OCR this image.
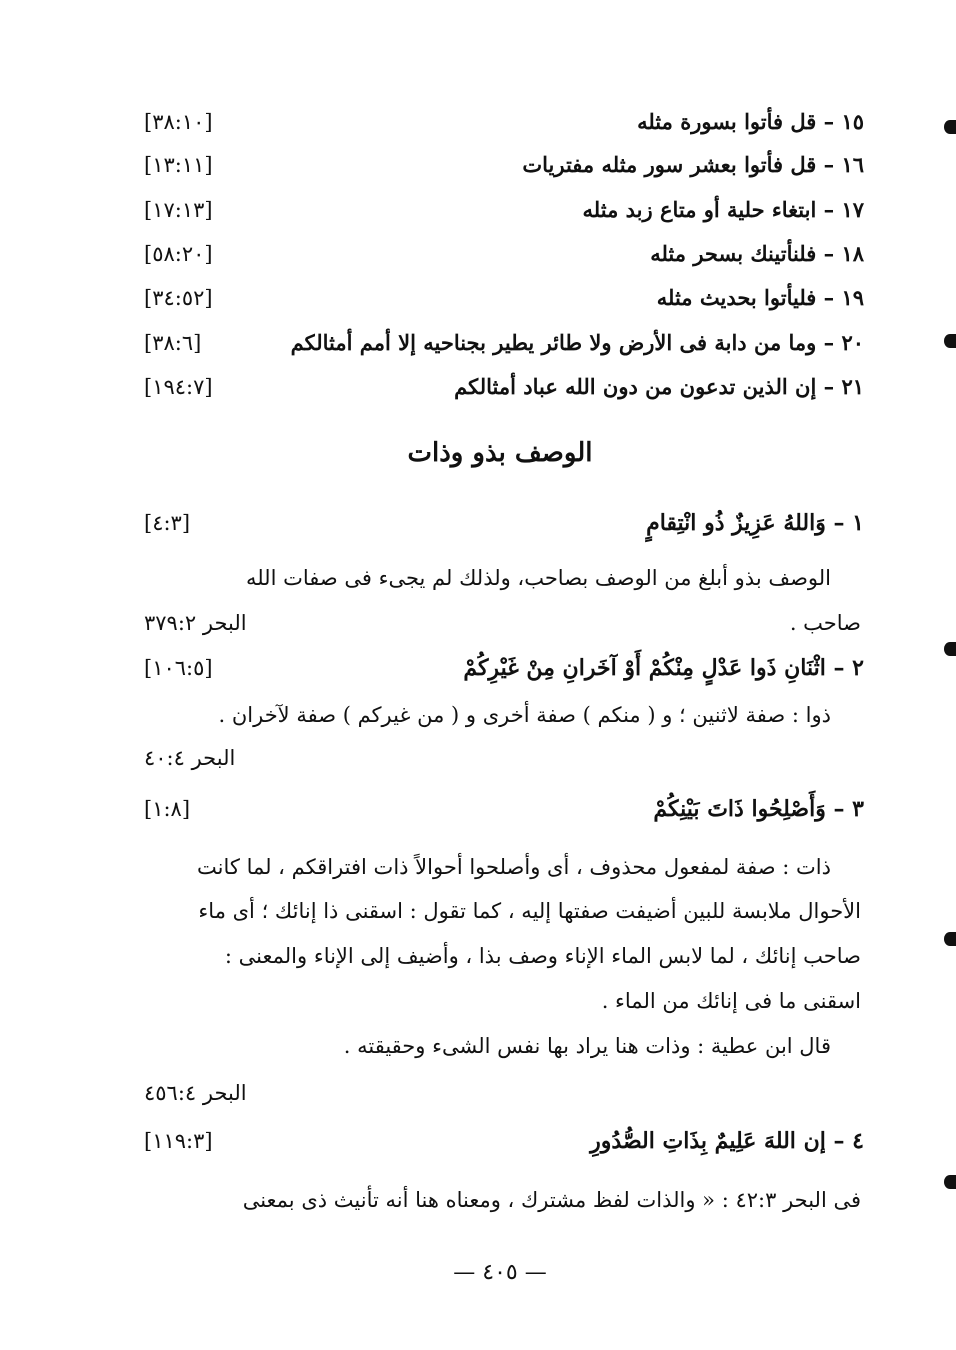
١٥ – قل فأتوا بسورة مثله
[٣٨:١٠]
١٦ – قل فأتوا بعشر سور مثله مفتريات
[١٣:١١]
١٧ – ابتغاء حلية أو متاع زبد مثله
[١٧:١٣]
١٨ – فلنأتينك بسحر مثله
[٥٨:٢٠]
١٩ – فليأتوا بحديث مثله
[٣٤:٥٢]
٢٠ – وما من دابة فى الأرض ولا طائر يطير بجناحيه إلا أمم أمثالكم
[٣٨:٦]
٢١ – إن الذين تدعون من دون الله عباد أمثالكم
[١٩٤:٧]
الوصف بذو وذات
١ – وَاللهُ عَزِيزٌ ذُو انْتِقامٍ
[٤:٣]
الوصف بذو أبلغ من الوصف بصاحب، ولذلك لم يجىء فى صفات الله
صاحب .
البحر ٣٧٩:٢
٢ – اثْنَانِ ذَوا عَدْلٍ مِنْكُمْ أَوْ آخَرانِ مِنْ غَيْرِكُمْ
[١٠٦:٥]
ذوا : صفة لاثنين ؛ و ( منكم ) صفة أخرى و ( من غيركم ) صفة لآخران .
البحر ٤٠:٤
٣ – وَأَصْلِحُوا ذَاتَ بَيْنِكُمْ
[١:٨]
ذات : صفة لمفعول محذوف ، أى وأصلحوا أحوالاً ذات افتراقكم ، لما كانت
الأحوال ملابسة للبين أضيفت صفتها إليه ، كما تقول : اسقنى ذا إنائك ؛ أى ماء
صاحب إنائك ، لما لابس الماء الإناء وصف بذا ، وأضيف إلى الإناء والمعنى :
اسقنى ما فى إنائك من الماء .
قال ابن عطية : وذات هنا يراد بها نفس الشىء وحقيقته .
البحر ٤٥٦:٤
٤ – إن اللهَ عَلِيمٌ بِذَاتِ الصُّدُورِ
[١١٩:٣]
فى البحر ٤٢:٣ : « والذات لفظ مشترك ، ومعناه هنا أنه تأنيث ذى بمعنى
— ٤٠٥ —
